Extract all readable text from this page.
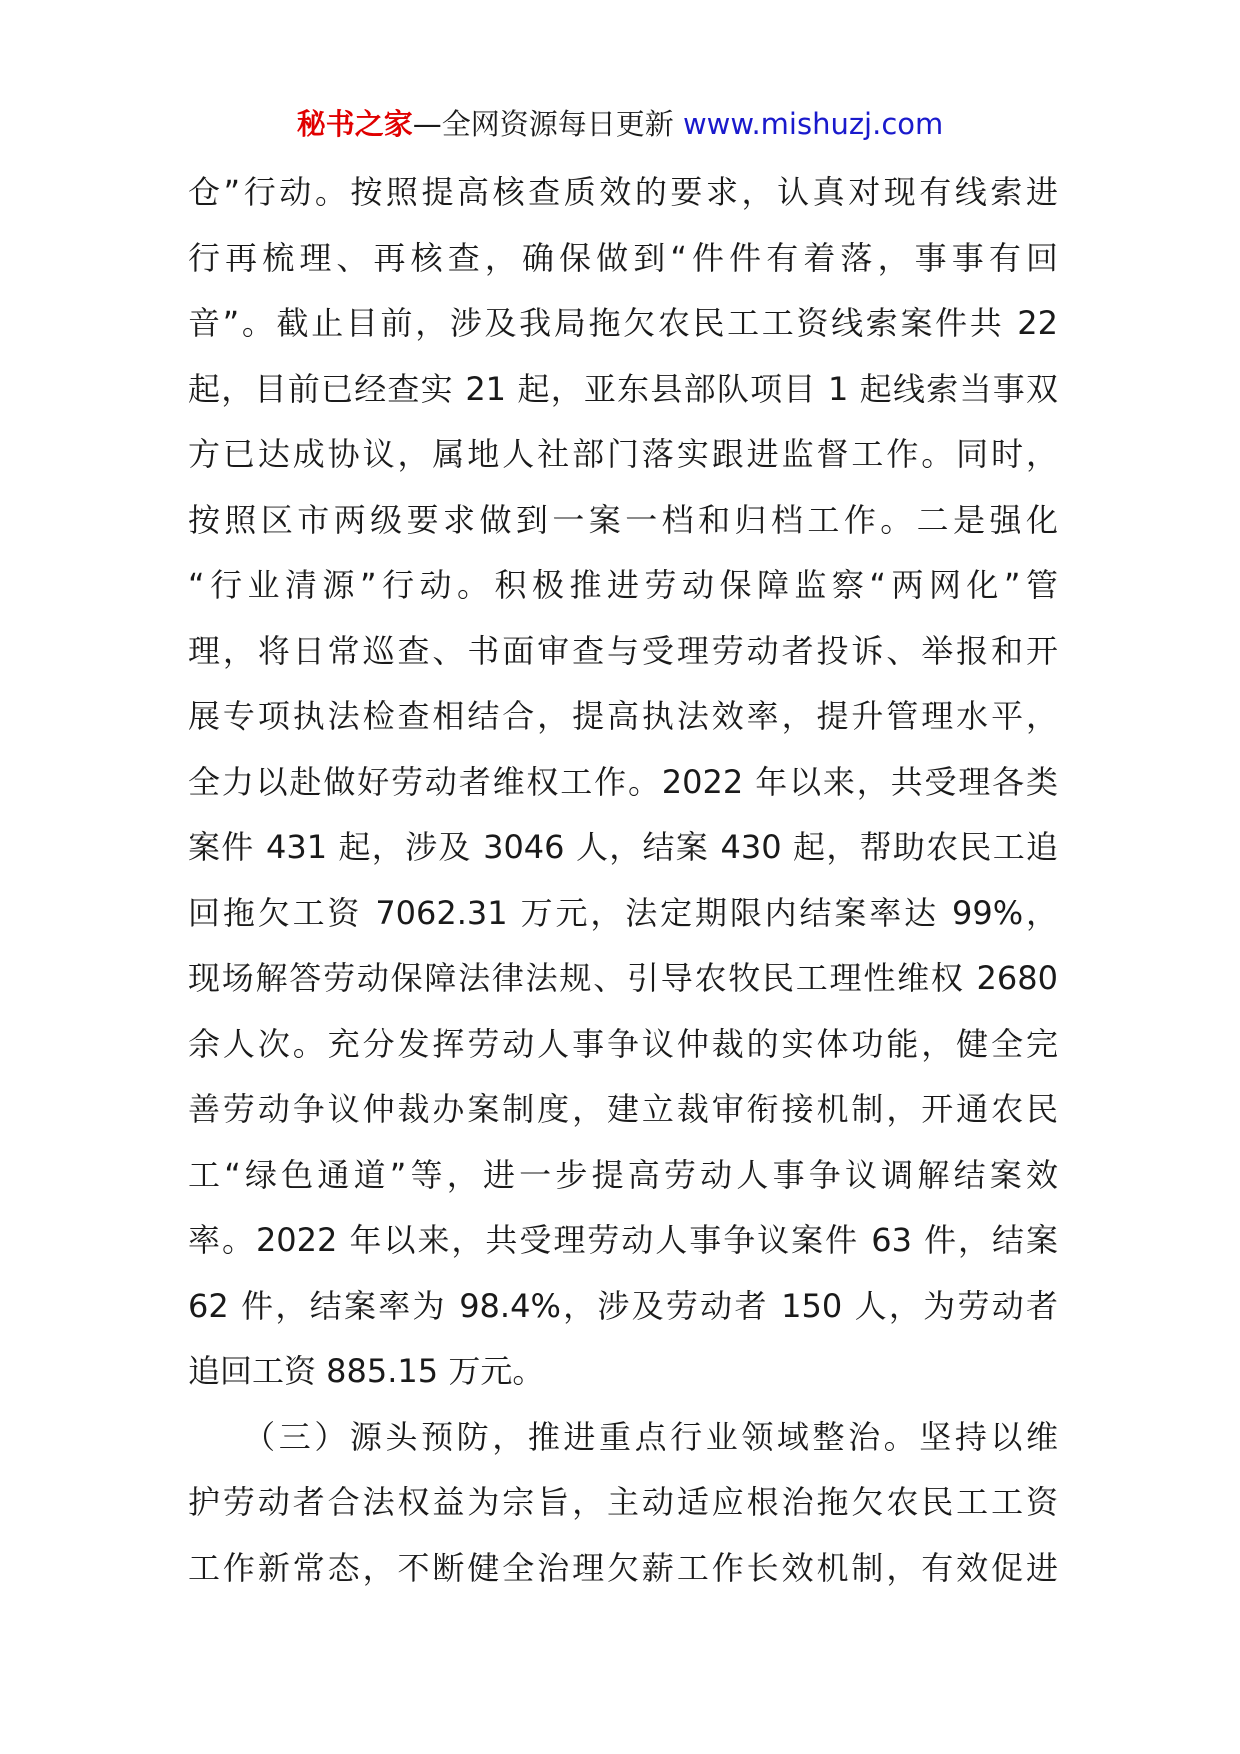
秘书之家—全网资源每日更新 www.mishuzj.com
仓”行动。按照提高核查质效的要求，认真对现有线索进
行再梳理、再核查，确保做到“件件有着落，事事有回
音”。截止目前，涉及我局拖欠农民工工资线索案件共 22
起，目前已经查实 21 起，亚东县部队项目 1 起线索当事双
方已达成协议，属地人社部门落实跟进监督工作。同时，
按照区市两级要求做到一案一档和归档工作。二是强化
“行业清源”行动。积极推进劳动保障监察“两网化”管
理，将日常巡查、书面审查与受理劳动者投诉、举报和开
展专项执法检查相结合，提高执法效率，提升管理水平，
全力以赴做好劳动者维权工作。2022 年以来，共受理各类
案件 431 起，涉及 3046 人，结案 430 起，帮助农民工追
回拖欠工资 7062.31 万元，法定期限内结案率达 99%，
现场解答劳动保障法律法规、引导农牧民工理性维权 2680
余人次。充分发挥劳动人事争议仲裁的实体功能，健全完
善劳动争议仲裁办案制度，建立裁审衔接机制，开通农民
工“绿色通道”等，进一步提高劳动人事争议调解结案效
率。2022 年以来，共受理劳动人事争议案件 63 件，结案
62 件，结案率为 98.4%，涉及劳动者 150 人，为劳动者
追回工资 885.15 万元。
　　（三）源头预防，推进重点行业领域整治。坚持以维
护劳动者合法权益为宗旨，主动适应根治拖欠农民工工资
工作新常态，不断健全治理欠薪工作长效机制，有效促进
